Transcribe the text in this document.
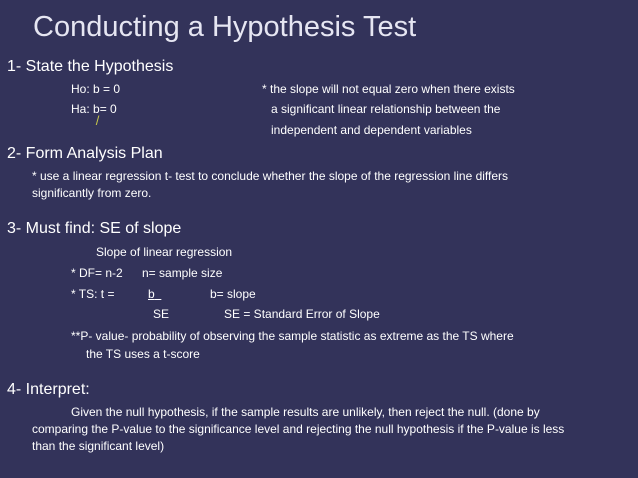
Conducting a Hypothesis Test
1- State the Hypothesis
Ho: b = 0
Ha: b
/
= 0
* the slope will not equal zero when there exists
a significant linear relationship between the
independent and dependent variables
2- Form Analysis Plan
* use a linear regression t- test to conclude whether the slope of the regression line differs
significantly from zero.
3- Must find: SE of slope
Slope of linear regression
* DF= n-2 n= sample size
* TS: t =	b	b= slope
SE	SE = Standard Error of Slope
**P- value- probability of observing the sample statistic as extreme as the TS where
the TS uses a t-score
4- Interpret:
Given the null hypothesis, if the sample results are unlikely, then reject the null. (done by
comparing the P-value to the significance level and rejecting the null hypothesis if the P-value is less
than the significant level)
